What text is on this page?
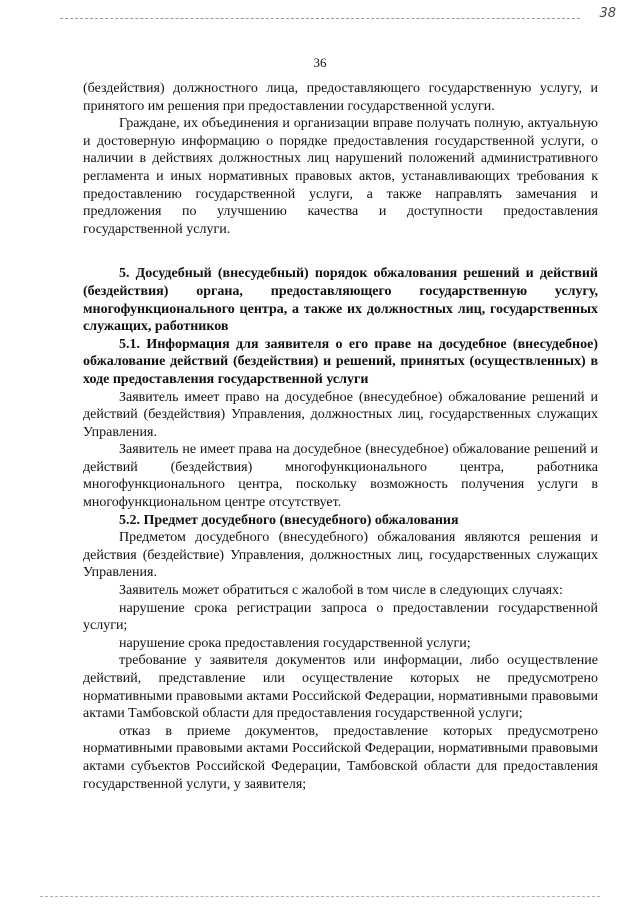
38
36

(бездействия) должностного лица, предоставляющего государственную услугу, и принятого им решения при предоставлении государственной услуги.

Граждане, их объединения и организации вправе получать полную, актуальную и достоверную информацию о порядке предоставления государственной услуги, о наличии в действиях должностных лиц нарушений положений административного регламента и иных нормативных правовых актов, устанавливающих требования к предоставлению государственной услуги, а также направлять замечания и предложения по улучшению качества и доступности предоставления государственной услуги.

5. Досудебный (внесудебный) порядок обжалования решений и действий (бездействия) органа, предоставляющего государственную услугу, многофункционального центра, а также их должностных лиц, государственных служащих, работников

5.1. Информация для заявителя о его праве на досудебное (внесудебное) обжалование действий (бездействия) и решений, принятых (осуществленных) в ходе предоставления государственной услуги

Заявитель имеет право на досудебное (внесудебное) обжалование решений и действий (бездействия) Управления, должностных лиц, государственных служащих Управления.

Заявитель не имеет права на досудебное (внесудебное) обжалование решений и действий (бездействия) многофункционального центра, работника многофункционального центра, поскольку возможность получения услуги в многофункциональном центре отсутствует.

5.2. Предмет досудебного (внесудебного) обжалования

Предметом досудебного (внесудебного) обжалования являются решения и действия (бездействие) Управления, должностных лиц, государственных служащих Управления.

Заявитель может обратиться с жалобой в том числе в следующих случаях:

нарушение срока регистрации запроса о предоставлении государственной услуги;

нарушение срока предоставления государственной услуги;

требование у заявителя документов или информации, либо осуществление действий, представление или осуществление которых не предусмотрено нормативными правовыми актами Российской Федерации, нормативными правовыми актами Тамбовской области для предоставления государственной услуги;

отказ в приеме документов, предоставление которых предусмотрено нормативными правовыми актами Российской Федерации, нормативными правовыми актами субъектов Российской Федерации, Тамбовской области для предоставления государственной услуги, у заявителя;
